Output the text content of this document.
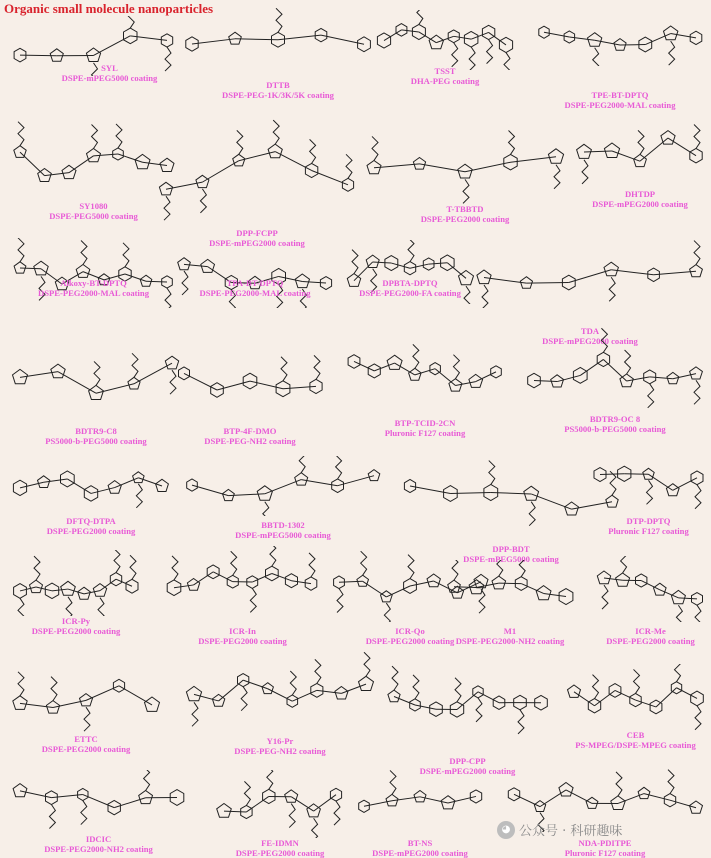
Organic small molecule nanoparticles
SYL
DSPE-mPEG5000 coating
DTTB
DSPE-PEG-1K/3K/5K coating
TSST
DHA-PEG coating
TPE-BT-DPTQ
DSPE-PEG2000-MAL coating
SY1080
DSPE-PEG5000 coating
DPP-FCPP
DSPE-mPEG2000 coating
T-TBBTD
DSPE-PEG2000 coating
DHTDP
DSPE-mPEG2000 coating
Alkoxy-BT-DPTQ
DSPE-PEG2000-MAL coating
TPA-BT-DPTQ
DSPE-PEG2000-MAL coating
DPBTA-DPTQ
DSPE-PEG2000-FA coating
TDA
DSPE-mPEG2000 coating
BDTR9-C8
PS5000-b-PEG5000 coating
BTP-4F-DMO
DSPE-PEG-NH2 coating
BTP-TCID-2CN
Pluronic F127 coating
BDTR9-OC 8
PS5000-b-PEG5000 coating
DFTQ-DTPA
DSPE-PEG2000 coating
BBTD-1302
DSPE-mPEG5000 coating
DPP-BDT
DSPE-mPEG5000 coating
DTP-DPTQ
Pluronic F127 coating
ICR-Py
DSPE-PEG2000 coating	ICR-In
DSPE-PEG2000 coating
ICR-Qo
DSPE-PEG2000 coating
M1
DSPE-PEG2000-NH2 coating
ICR-Me
DSPE-PEG2000 coating
ETTC
DSPE-PEG2000 coating
Y16-Pr
DSPE-PEG-NH2 coating
DPP-CPP
DSPE-mPEG2000 coating
CEB
PS-MPEG/DSPE-MPEG coating
IDCIC
DSPE-PEG2000-NH2 coating
FE-IDMN
DSPE-PEG2000 coating
BT-NS
DSPE-mPEG2000 coating
NDA-PDITPE
Pluronic F127 coating
◕ 公众号 · 科研趣味
